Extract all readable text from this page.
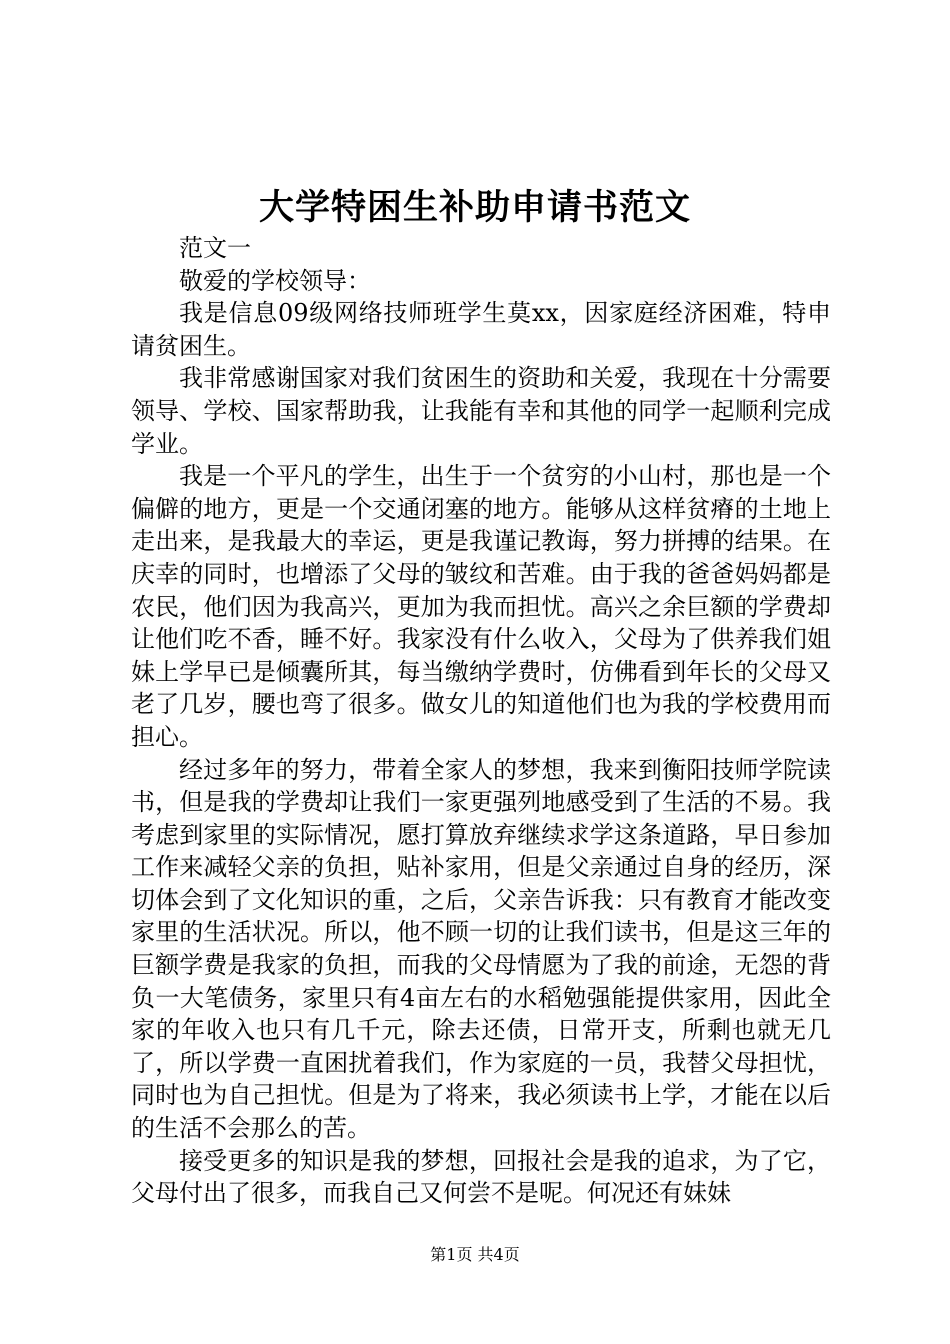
大学特困生补助申请书范文

范文一

敬爱的学校领导：

我是信息09级网络技师班学生莫xx，因家庭经济困难，特申请贫困生。

我非常感谢国家对我们贫困生的资助和关爱，我现在十分需要领导、学校、国家帮助我，让我能有幸和其他的同学一起顺利完成学业。

我是一个平凡的学生，出生于一个贫穷的小山村，那也是一个偏僻的地方，更是一个交通闭塞的地方。能够从这样贫瘠的土地上走出来，是我最大的幸运，更是我谨记教诲，努力拼搏的结果。在庆幸的同时，也增添了父母的皱纹和苦难。由于我的爸爸妈妈都是农民，他们因为我高兴，更加为我而担忧。高兴之余巨额的学费却让他们吃不香，睡不好。我家没有什么收入，父母为了供养我们姐妹上学早已是倾囊所其，每当缴纳学费时，仿佛看到年长的父母又老了几岁，腰也弯了很多。做女儿的知道他们也为我的学校费用而担心。

经过多年的努力，带着全家人的梦想，我来到衡阳技师学院读书，但是我的学费却让我们一家更强列地感受到了生活的不易。我考虑到家里的实际情况，愿打算放弃继续求学这条道路，早日参加工作来减轻父亲的负担，贴补家用，但是父亲通过自身的经历，深切体会到了文化知识的重，之后，父亲告诉我：只有教育才能改变家里的生活状况。所以，他不顾一切的让我们读书，但是这三年的巨额学费是我家的负担，而我的父母情愿为了我的前途，无怨的背负一大笔债务，家里只有4亩左右的水稻勉强能提供家用，因此全家的年收入也只有几千元，除去还债，日常开支，所剩也就无几了，所以学费一直困扰着我们，作为家庭的一员，我替父母担忧，同时也为自己担忧。但是为了将来，我必须读书上学，才能在以后的生活不会那么的苦。

接受更多的知识是我的梦想，回报社会是我的追求，为了它，父母付出了很多，而我自己又何尝不是呢。何况还有妹妹

第1页 共4页
